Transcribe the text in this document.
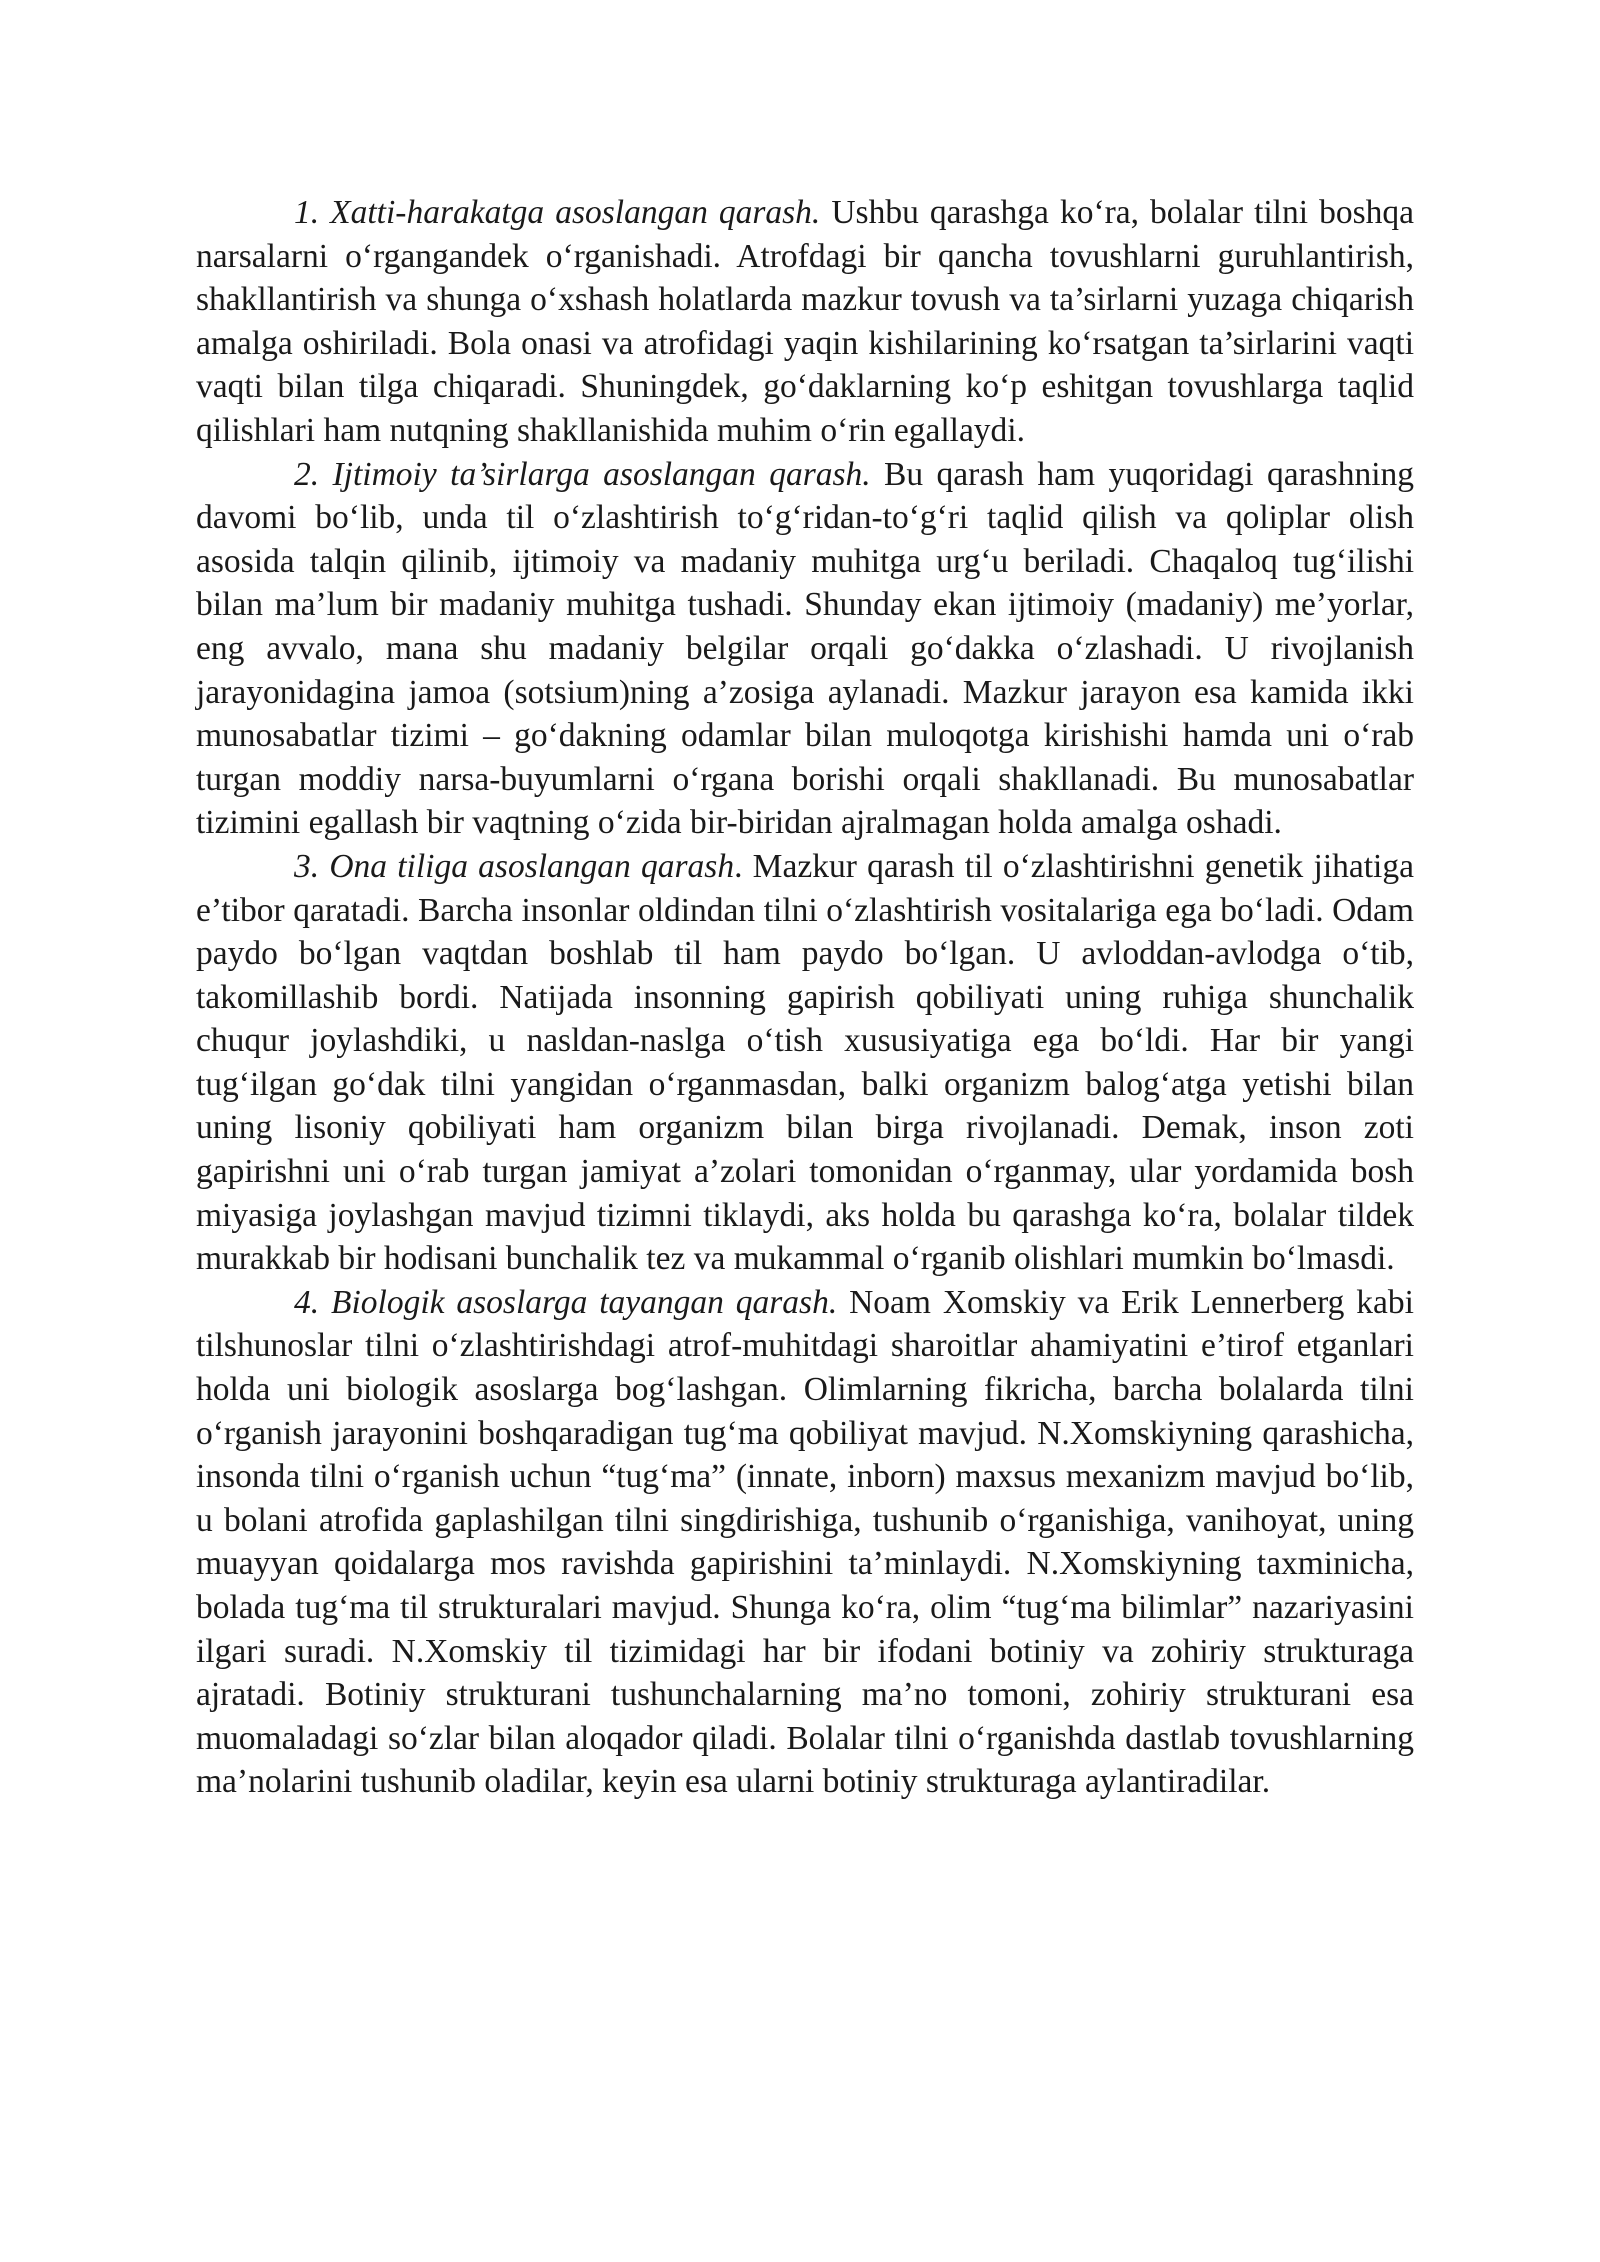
1. Xatti-harakatga asoslangan qarash. Ushbu qarashga koʻra, bolalar tilni boshqa narsalarni oʻrgangandek oʻrganishadi. Atrofdagi bir qancha tovushlarni guruhlantirish, shakllantirish va shunga oʻxshash holatlarda mazkur tovush va ta’sirlarni yuzaga chiqarish amalga oshiriladi. Bola onasi va atrofidagi yaqin kishilarining koʻrsatgan ta’sirlarini vaqti vaqti bilan tilga chiqaradi. Shuningdek, goʻdaklarning koʻp eshitgan tovushlarga taqlid qilishlari ham nutqning shakllanishida muhim oʻrin egallaydi.

2. Ijtimoiy ta’sirlarga asoslangan qarash. Bu qarash ham yuqoridagi qarashning davomi boʻlib, unda til oʻzlashtirish toʻgʻridan-toʻgʻri taqlid qilish va qoliplar olish asosida talqin qilinib, ijtimoiy va madaniy muhitga urgʻu beriladi. Chaqaloq tugʻilishi bilan ma’lum bir madaniy muhitga tushadi. Shunday ekan ijtimoiy (madaniy) me’yorlar, eng avvalo, mana shu madaniy belgilar orqali goʻdakka oʻzlashadi. U rivojlanish jarayonidagina jamoa (sotsium)ning a’zosiga aylanadi. Mazkur jarayon esa kamida ikki munosabatlar tizimi – goʻdakning odamlar bilan muloqotga kirishishi hamda uni oʻrab turgan moddiy narsa-buyumlarni oʻrgana borishi orqali shakllanadi. Bu munosabatlar tizimini egallash bir vaqtning oʻzida bir-biridan ajralmagan holda amalga oshadi.

3. Ona tiliga asoslangan qarash. Mazkur qarash til oʻzlashtirishni genetik jihatiga e’tibor qaratadi. Barcha insonlar oldindan tilni oʻzlashtirish vositalariga ega boʻladi. Odam paydo boʻlgan vaqtdan boshlab til ham paydo boʻlgan. U avloddan-avlodga oʻtib, takomillashib bordi. Natijada insonning gapirish qobiliyati uning ruhiga shunchalik chuqur joylashdiki, u nasldan-naslga oʻtish xususiyatiga ega boʻldi. Har bir yangi tugʻilgan goʻdak tilni yangidan oʻrganmasdan, balki organizm balogʻatga yetishi bilan uning lisoniy qobiliyati ham organizm bilan birga rivojlanadi. Demak, inson zoti gapirishni uni oʻrab turgan jamiyat a’zolari tomonidan oʻrganmay, ular yordamida bosh miyasiga joylashgan mavjud tizimni tiklaydi, aks holda bu qarashga koʻra, bolalar tildek murakkab bir hodisani bunchalik tez va mukammal oʻrganib olishlari mumkin boʻlmasdi.

4. Biologik asoslarga tayangan qarash. Noam Xomskiy va Erik Lennerberg kabi tilshunoslar tilni oʻzlashtirishdagi atrof-muhitdagi sharoitlar ahamiyatini e’tirof etganlari holda uni biologik asoslarga bogʻlashgan. Olimlarning fikricha, barcha bolalarda tilni oʻrganish jarayonini boshqaradigan tugʻma qobiliyat mavjud. N.Xomskiyning qarashicha, insonda tilni oʻrganish uchun “tugʻma” (innate, inborn) maxsus mexanizm mavjud boʻlib, u bolani atrofida gaplashilgan tilni singdirishiga, tushunib oʻrganishiga, vanihoyat, uning muayyan qoidalarga mos ravishda gapirishini ta’minlaydi. N.Xomskiyning taxminicha, bolada tugʻma til strukturalari mavjud. Shunga koʻra, olim “tugʻma bilimlar” nazariyasini ilgari suradi. N.Xomskiy til tizimidagi har bir ifodani botiniy va zohiriy strukturaga ajratadi. Botiniy strukturani tushunchalarning ma’no tomoni, zohiriy strukturani esa muomaladagi soʻzlar bilan aloqador qiladi. Bolalar tilni oʻrganishda dastlab tovushlarning ma’nolarini tushunib oladilar, keyin esa ularni botiniy strukturaga aylantiradilar.
